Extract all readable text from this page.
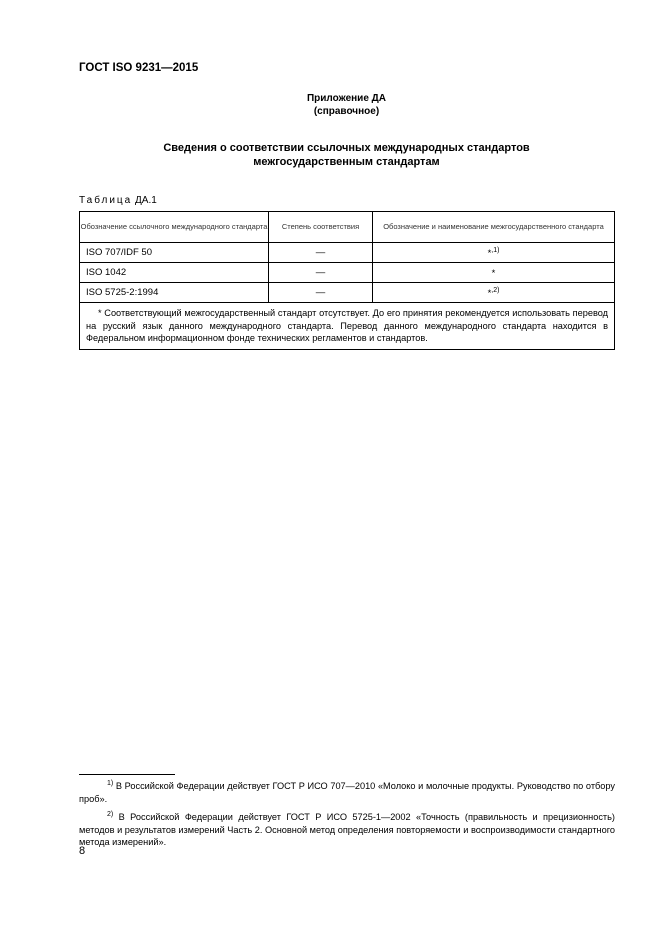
ГОСТ ISO 9231—2015
Приложение ДА
(справочное)
Сведения о соответствии ссылочных международных стандартов
межгосударственным стандартам
Таблица ДА.1
Обозначение ссылочного международного стандарта	Степень соответствия	Обозначение и наименование межгосударственного стандарта
ISO 707/IDF 50	—	*$^{,1)}$
ISO 1042	—	*
ISO 5725-2:1994	—	*$^{,2)}$
* Соответствующий межгосударственный стандарт отсутствует. До его принятия рекомендуется использовать перевод на русский язык данного международного стандарта. Перевод данного международного стандарта находится в Федеральном информационном фонде технических регламентов и стандартов.		

$^{1)}$ В Российской Федерации действует ГОСТ Р ИСО 707—2010 «Молоко и молочные продукты. Руководство по отбору проб».

$^{2)}$ В Российской Федерации действует ГОСТ Р ИСО 5725-1—2002 «Точность (правильность и прецизионность) методов и результатов измерений Часть 2. Основной метод определения повторяемости и воспроизводимости стандартного метода измерений».

8
